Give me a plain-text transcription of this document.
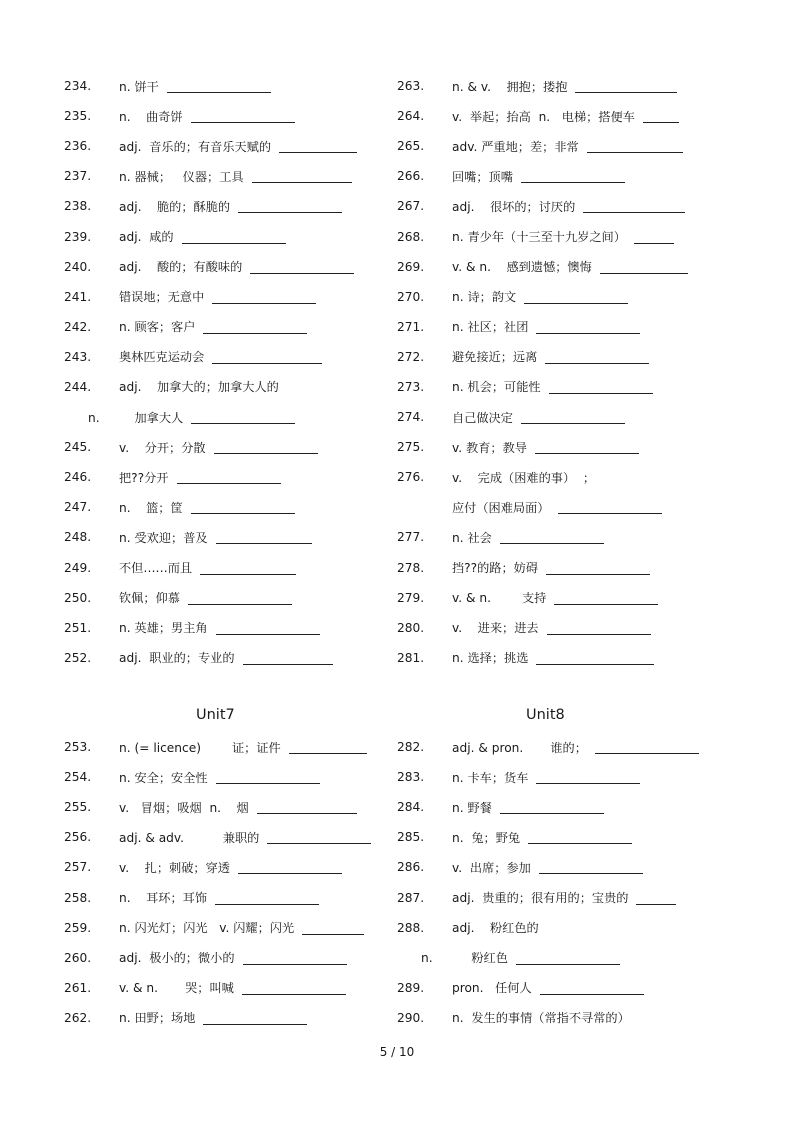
234.	n. 饼干
235.	n.    曲奇饼
236.	adj.  音乐的；有音乐天赋的
237.	n. 器械；   仪器；工具
238.	adj.    脆的；酥脆的
239.	adj.  咸的
240.	adj.    酸的；有酸味的
241.	错误地；无意中
242.	n. 顾客；客户
243.	奥林匹克运动会
244.	adj.    加拿大的；加拿大人的
n.         加拿大人
245.	v.    分开；分散
246.	把??分开
247.	n.    篮；筐
248.	n. 受欢迎；普及
249.	不但……而且
250.	钦佩；仰慕
251.	n. 英雄；男主角
252.	adj.  职业的；专业的
263.	n. & v.    拥抱；搂抱
264.	v.  举起；抬高  n.   电梯；搭便车
265.	adv. 严重地；差；非常
266.	回嘴；顶嘴
267.	adj.    很坏的；讨厌的
268.	n. 青少年（十三至十九岁之间）
269.	v. & n.    感到遗憾；懊悔
270.	n. 诗；韵文
271.	n. 社区；社团
272.	避免接近；远离
273.	n. 机会；可能性
274.	自己做决定
275.	v. 教育；教导
276.	v.    完成（困难的事）  ；
应付（困难局面）
277.	n. 社会
278.	挡??的路；妨碍
279.	v. & n.        支持
280.	v.    进来；进去
281.	n. 选择；挑选
Unit7	Unit8
253.	n. (= licence)        证；证件
254.	n. 安全；安全性
255.	v.   冒烟；吸烟  n.    烟
256.	adj. & adv.          兼职的
257.	v.    扎；刺破；穿透
258.	n.    耳环；耳饰
259.	n. 闪光灯；闪光   v. 闪耀；闪光
260.	adj.  极小的；微小的
261.	v. & n.       哭；叫喊
262.	n. 田野；场地
282.	adj. & pron.       谁的；
283.	n. 卡车；货车
284.	n. 野餐
285.	n.  兔；野兔
286.	v.  出席；参加
287.	adj.  贵重的；很有用的；宝贵的
288.	adj.    粉红色的
n.          粉红色
289.	pron.   任何人
290.	n.  发生的事情（常指不寻常的）
5 / 10
